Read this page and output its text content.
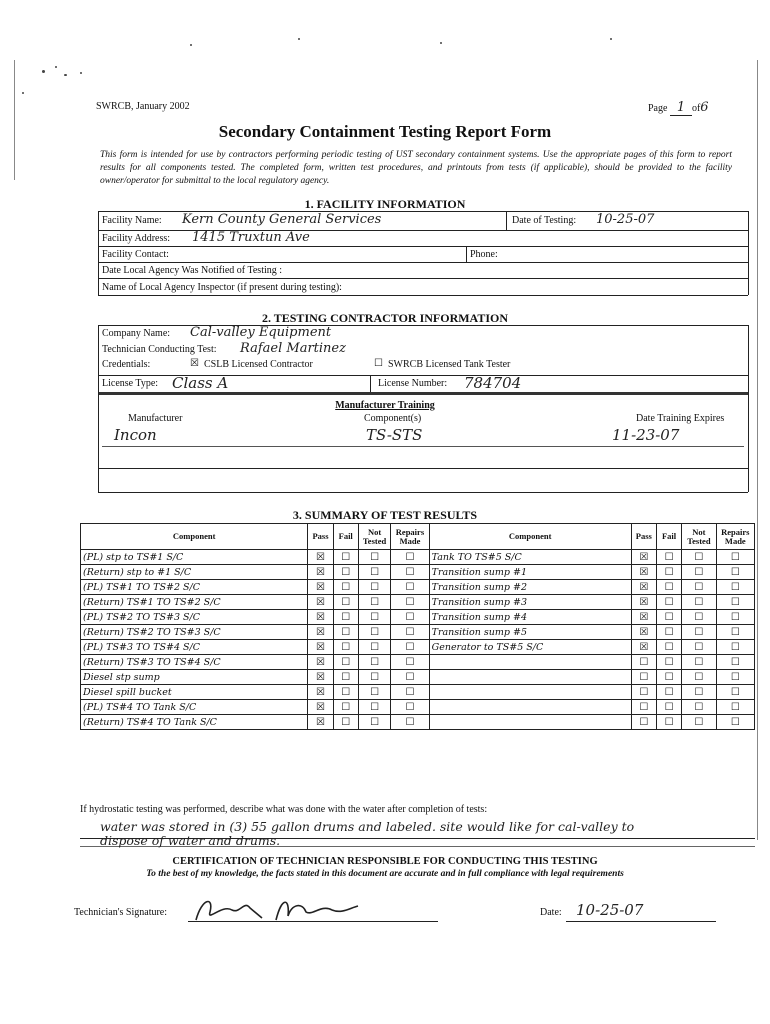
SWRCB, January 2002	Page 1 of6
Secondary Containment Testing Report Form
This form is intended for use by contractors performing periodic testing of UST secondary containment systems. Use the appropriate pages of this form to report results for all components tested. The completed form, written test procedures, and printouts from tests (if applicable), should be provided to the facility owner/operator for submittal to the local regulatory agency.
1. FACILITY INFORMATION
Facility Name: Kern County General Services	Date of Testing: 10-25-07
Facility Address: 1415 Truxtun Ave
Facility Contact:	Phone:
Date Local Agency Was Notified of Testing :
Name of Local Agency Inspector (if present during testing):
2. TESTING CONTRACTOR INFORMATION
Company Name: Cal-valley Equipment
Technician Conducting Test: Rafael Martinez
Credentials:	☒ CSLB Licensed Contractor	☐ SWRCB Licensed Tank Tester
License Type: Class A	License Number: 784704
Manufacturer Training
Manufacturer	Component(s)	Date Training Expires
Incon	TS-STS	11-23-07
3. SUMMARY OF TEST RESULTS
Component	Pass	Fail	Not Tested	Repairs Made	Component	Pass	Fail	Not Tested	Repairs Made
(PL) stp to TS#1 S/C	☒	☐	☐	☐	Tank TO TS#5 S/C	☒	☐	☐	☐
(Return) stp to #1 S/C	☒	☐	☐	☐	Transition sump #1	☒	☐	☐	☐
(PL) TS#1 TO TS#2 S/C	☒	☐	☐	☐	Transition sump #2	☒	☐	☐	☐
(Return) TS#1 TO TS#2 S/C	☒	☐	☐	☐	Transition sump #3	☒	☐	☐	☐
(PL) TS#2 TO TS#3 S/C	☒	☐	☐	☐	Transition sump #4	☒	☐	☐	☐
(Return) TS#2 TO TS#3 S/C	☒	☐	☐	☐	Transition sump #5	☒	☐	☐	☐
(PL) TS#3 TO TS#4 S/C	☒	☐	☐	☐	Generator to TS#5 S/C	☒	☐	☐	☐
(Return) TS#3 TO TS#4 S/C	☒	☐	☐	☐		☐	☐	☐	☐
Diesel stp sump	☒	☐	☐	☐		☐	☐	☐	☐
Diesel spill bucket	☒	☐	☐	☐		☐	☐	☐	☐
(PL) TS#4 TO Tank S/C	☒	☐	☐	☐		☐	☐	☐	☐
(Return) TS#4 TO Tank S/C	☒	☐	☐	☐		☐	☐	☐	☐
If hydrostatic testing was performed, describe what was done with the water after completion of tests:
water was stored in (3) 55 gallon drums and labeled. site would like for cal-valley to
dispose of water and drums.
CERTIFICATION OF TECHNICIAN RESPONSIBLE FOR CONDUCTING THIS TESTING
To the best of my knowledge, the facts stated in this document are accurate and in full compliance with legal requirements
Technician's Signature:	Date: 10-25-07
